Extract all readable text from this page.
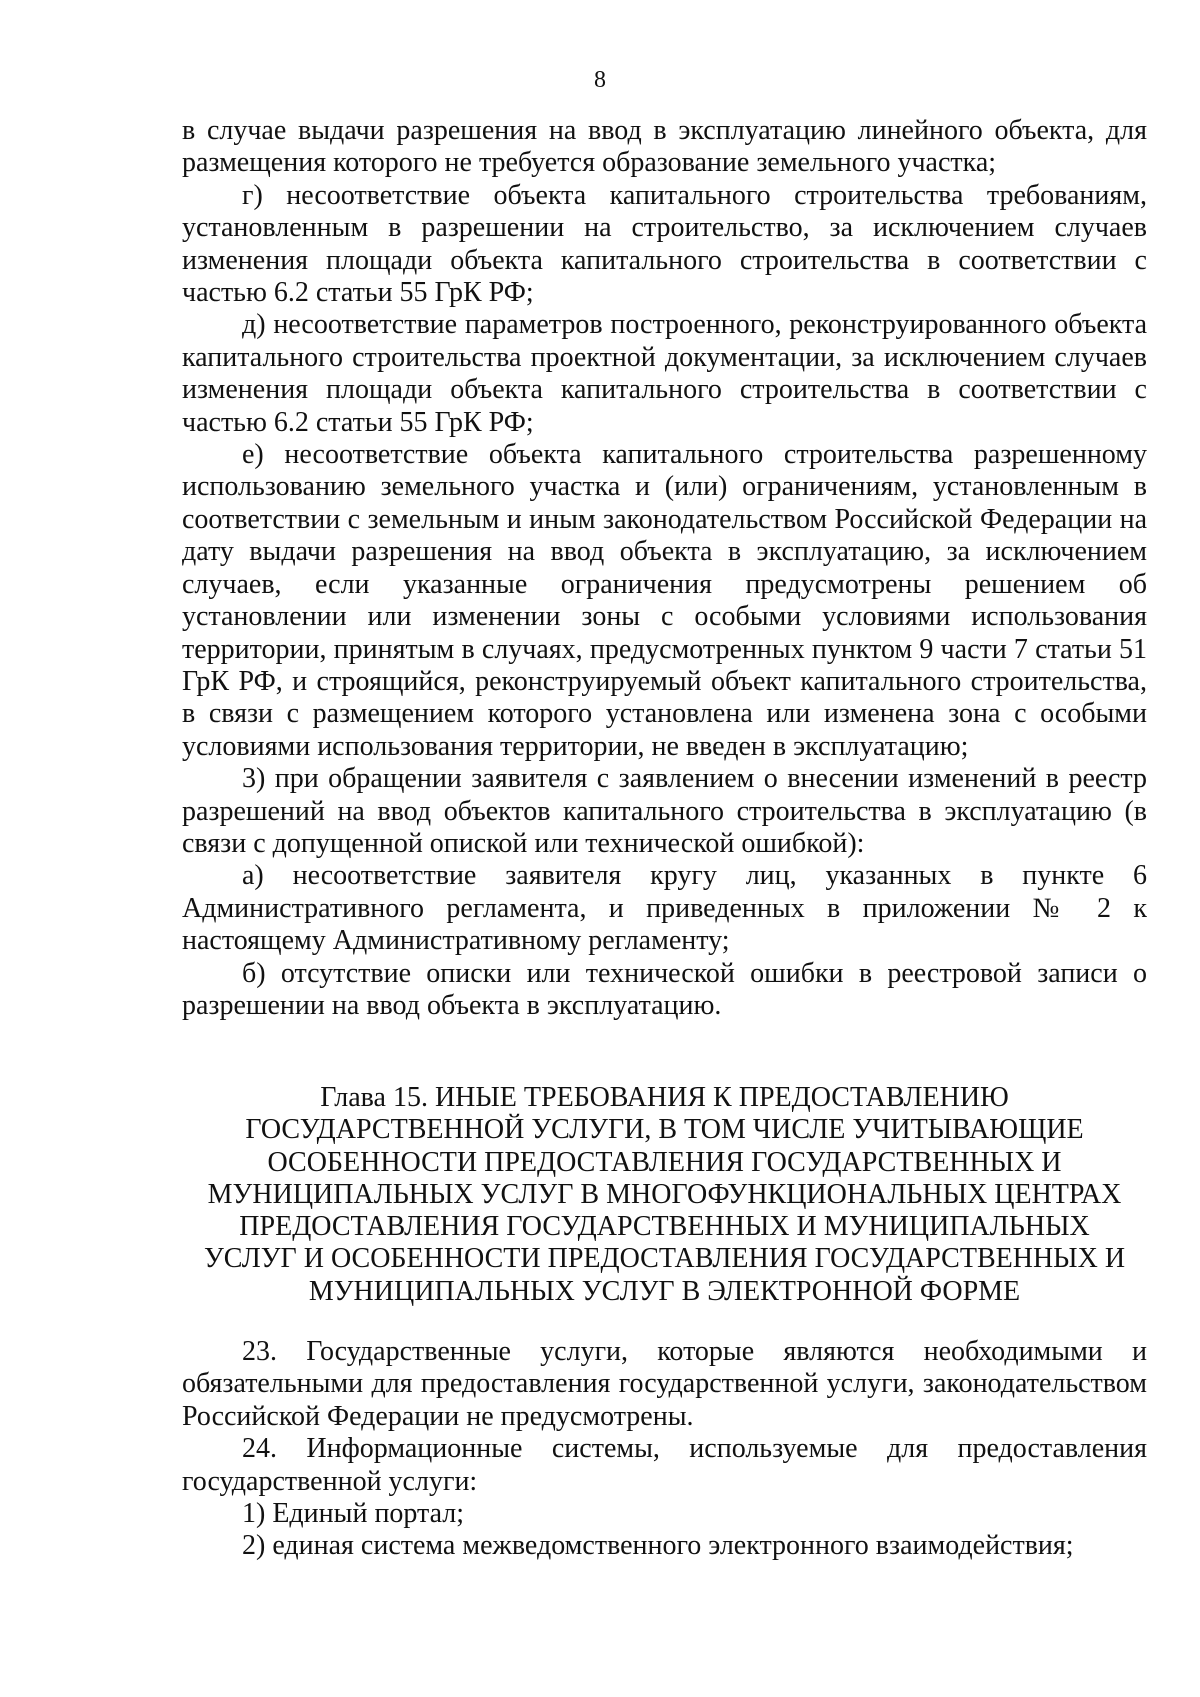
8

в случае выдачи разрешения на ввод в эксплуатацию линейного объекта, для размещения которого не требуется образование земельного участка;

г) несоответствие объекта капитального строительства требованиям, установленным в разрешении на строительство, за исключением случаев изменения площади объекта капитального строительства в соответствии с частью 6.2 статьи 55 ГрК РФ;

д) несоответствие параметров построенного, реконструированного объекта капитального строительства проектной документации, за исключением случаев изменения площади объекта капитального строительства в соответствии с частью 6.2 статьи 55 ГрК РФ;

е) несоответствие объекта капитального строительства разрешенному использованию земельного участка и (или) ограничениям, установленным в соответствии с земельным и иным законодательством Российской Федерации на дату выдачи разрешения на ввод объекта в эксплуатацию, за исключением случаев, если указанные ограничения предусмотрены решением об установлении или изменении зоны с особыми условиями использования территории, принятым в случаях, предусмотренных пунктом 9 части 7 статьи 51 ГрК РФ, и строящийся, реконструируемый объект капитального строительства, в связи с размещением которого установлена или изменена зона с особыми условиями использования территории, не введен в эксплуатацию;

3) при обращении заявителя с заявлением о внесении изменений в реестр разрешений на ввод объектов капитального строительства в эксплуатацию (в связи с допущенной опиской или технической ошибкой):

а) несоответствие заявителя кругу лиц, указанных в пункте 6 Административного регламента, и приведенных в приложении № 2 к настоящему Административному регламенту;

б) отсутствие описки или технической ошибки в реестровой записи о разрешении на ввод объекта в эксплуатацию.

Глава 15. ИНЫЕ ТРЕБОВАНИЯ К ПРЕДОСТАВЛЕНИЮ
ГОСУДАРСТВЕННОЙ УСЛУГИ, В ТОМ ЧИСЛЕ УЧИТЫВАЮЩИЕ
ОСОБЕННОСТИ ПРЕДОСТАВЛЕНИЯ ГОСУДАРСТВЕННЫХ И
МУНИЦИПАЛЬНЫХ УСЛУГ В МНОГОФУНКЦИОНАЛЬНЫХ ЦЕНТРАХ
ПРЕДОСТАВЛЕНИЯ ГОСУДАРСТВЕННЫХ И МУНИЦИПАЛЬНЫХ
УСЛУГ И ОСОБЕННОСТИ ПРЕДОСТАВЛЕНИЯ ГОСУДАРСТВЕННЫХ И
МУНИЦИПАЛЬНЫХ УСЛУГ В ЭЛЕКТРОННОЙ ФОРМЕ

23. Государственные услуги, которые являются необходимыми и обязательными для предоставления государственной услуги, законодательством Российской Федерации не предусмотрены.

24. Информационные системы, используемые для предоставления государственной услуги:

1) Единый портал;

2) единая система межведомственного электронного взаимодействия;
